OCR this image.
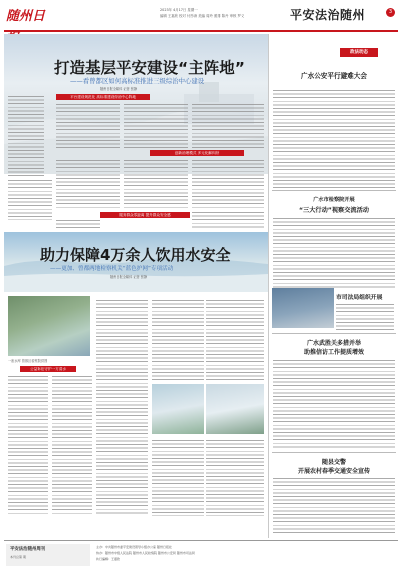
随州日	2023年 4月17日 星期一
编辑 王嘉欣 校对 付彤涛 美编 周玲 照排 陈丹 审核 罗义	平安法治随州	3
打造基层平安建设“主阵地”
——看曾都区如何高标准推进三级综治中心建设
随州日报全媒体 记者 张静
平台建设规范化 高标准建设综治中心阵地
创新治理模式 多元化解纠纷
服务群众零距离 提升群众安全感
助力保障4万余人饮用水安全
——更加、曾都两地检察机关“蓝色护网”专项活动
随州日报全媒体 记者 张静
一座水库 曾都区检察院供图
公益诉讼守护一方清水
政法动态
广水公安平行避难大会
广水市检察院开展
“三大行动”视察交流活动
市司法局组织开展
广水武胜关多措并举
助推信访工作提质增效
随县交警
开展农村春季交通安全宣传
平安法治随州周刊
本刊总第 期
主办：中共随州市委平安建设领导小组办公室 随州日报社
协办：随州市中级人民法院 随州市人民检察院 随州市公安局 随州市司法局
执行编辑：王嘉欣
